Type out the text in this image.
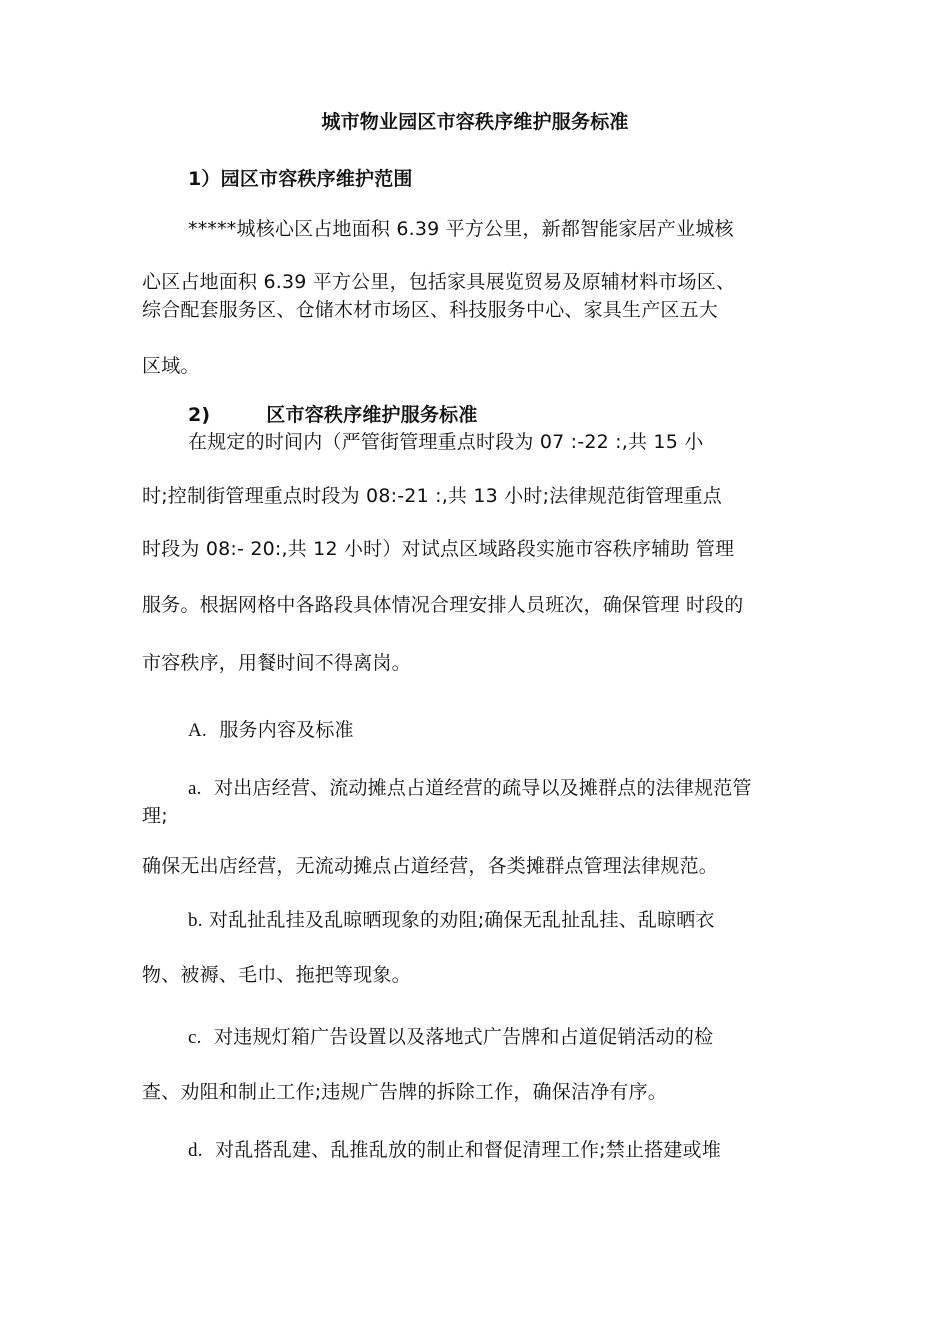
城市物业园区市容秩序维护服务标准
1）园区市容秩序维护范围
*****城核心区占地面积 6.39 平方公里，新都智能家居产业城核
心区占地面积 6.39 平方公里，包括家具展览贸易及原辅材料市场区、
综合配套服务区、仓储木材市场区、科技服务中心、家具生产区五大
区域。
2)	区市容秩序维护服务标准
在规定的时间内（严管街管理重点时段为 07 :-22 :,共 15 小
时;控制街管理重点时段为 08:-21 :,共 13 小时;法律规范街管理重点
时段为 08:- 20:,共 12 小时）对试点区域路段实施市容秩序辅助 管理
服务。根据网格中各路段具体情况合理安排人员班次，确保管理 时段的
市容秩序，用餐时间不得离岗。
A. 服务内容及标准
a. 对出店经营、流动摊点占道经营的疏导以及摊群点的法律规范管
理;
确保无出店经营，无流动摊点占道经营，各类摊群点管理法律规范。
b. 对乱扯乱挂及乱晾晒现象的劝阻;确保无乱扯乱挂、乱晾晒衣
物、被褥、毛巾、拖把等现象。
c. 对违规灯箱广告设置以及落地式广告牌和占道促销活动的检
查、劝阻和制止工作;违规广告牌的拆除工作，确保洁净有序。
d. 对乱搭乱建、乱推乱放的制止和督促清理工作;禁止搭建或堆
